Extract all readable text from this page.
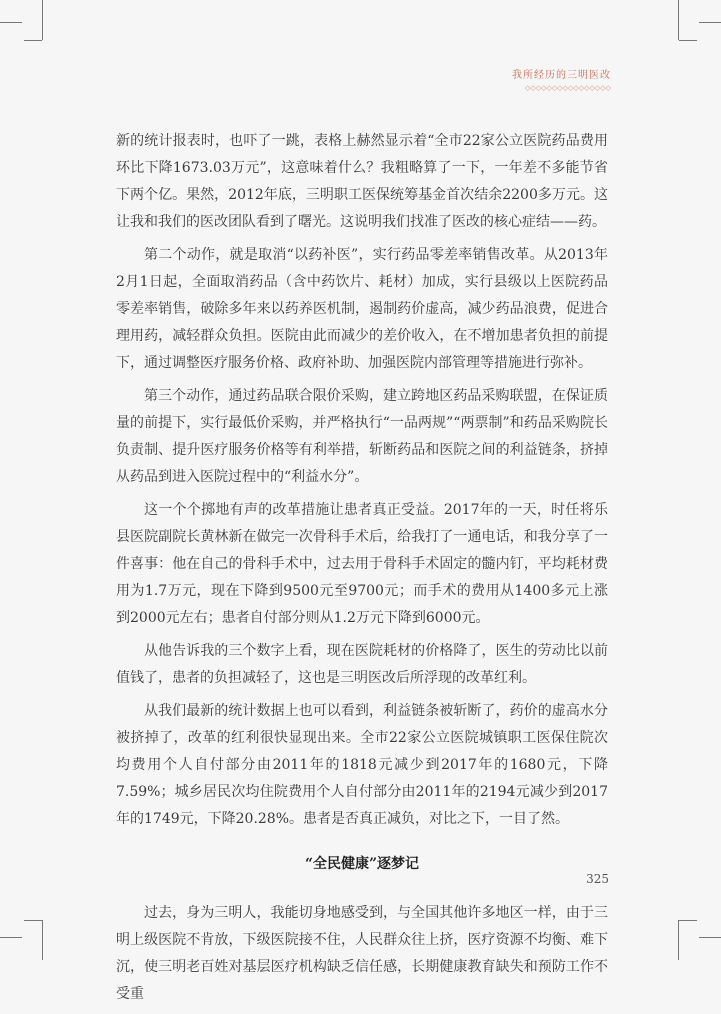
我所经历的三明医改
◇◇◇◇◇◇◇◇◇◇◇◇◇◇◇◇

新的统计报表时，也吓了一跳，表格上赫然显示着“全市22家公立医院药品费用环比下降1673.03万元”，这意味着什么？我粗略算了一下，一年差不多能节省下两个亿。果然，2012年底，三明职工医保统筹基金首次结余2200多万元。这让我和我们的医改团队看到了曙光。这说明我们找准了医改的核心症结——药。

第二个动作，就是取消“以药补医”，实行药品零差率销售改革。从2013年2月1日起，全面取消药品（含中药饮片、耗材）加成，实行县级以上医院药品零差率销售，破除多年来以药养医机制，遏制药价虚高，减少药品浪费，促进合理用药，减轻群众负担。医院由此而减少的差价收入，在不增加患者负担的前提下，通过调整医疗服务价格、政府补助、加强医院内部管理等措施进行弥补。

第三个动作，通过药品联合限价采购，建立跨地区药品采购联盟，在保证质量的前提下，实行最低价采购，并严格执行“一品两规”“两票制”和药品采购院长负责制、提升医疗服务价格等有利举措，斩断药品和医院之间的利益链条，挤掉从药品到进入医院过程中的“利益水分”。

这一个个掷地有声的改革措施让患者真正受益。2017年的一天，时任将乐县医院副院长黄林新在做完一次骨科手术后，给我打了一通电话，和我分享了一件喜事：他在自己的骨科手术中，过去用于骨科手术固定的髓内钉，平均耗材费用为1.7万元，现在下降到9500元至9700元；而手术的费用从1400多元上涨到2000元左右；患者自付部分则从1.2万元下降到6000元。

从他告诉我的三个数字上看，现在医院耗材的价格降了，医生的劳动比以前值钱了，患者的负担减轻了，这也是三明医改后所浮现的改革红利。

从我们最新的统计数据上也可以看到，利益链条被斩断了，药价的虚高水分被挤掉了，改革的红利很快显现出来。全市22家公立医院城镇职工医保住院次均费用个人自付部分由2011年的1818元减少到2017年的1680元，下降7.59%；城乡居民次均住院费用个人自付部分由2011年的2194元减少到2017年的1749元，下降20.28%。患者是否真正减负，对比之下，一目了然。

“全民健康”逐梦记

过去，身为三明人，我能切身地感受到，与全国其他许多地区一样，由于三明上级医院不肯放，下级医院接不住，人民群众往上挤，医疗资源不均衡、难下沉，使三明老百姓对基层医疗机构缺乏信任感，长期健康教育缺失和预防工作不受重

325
